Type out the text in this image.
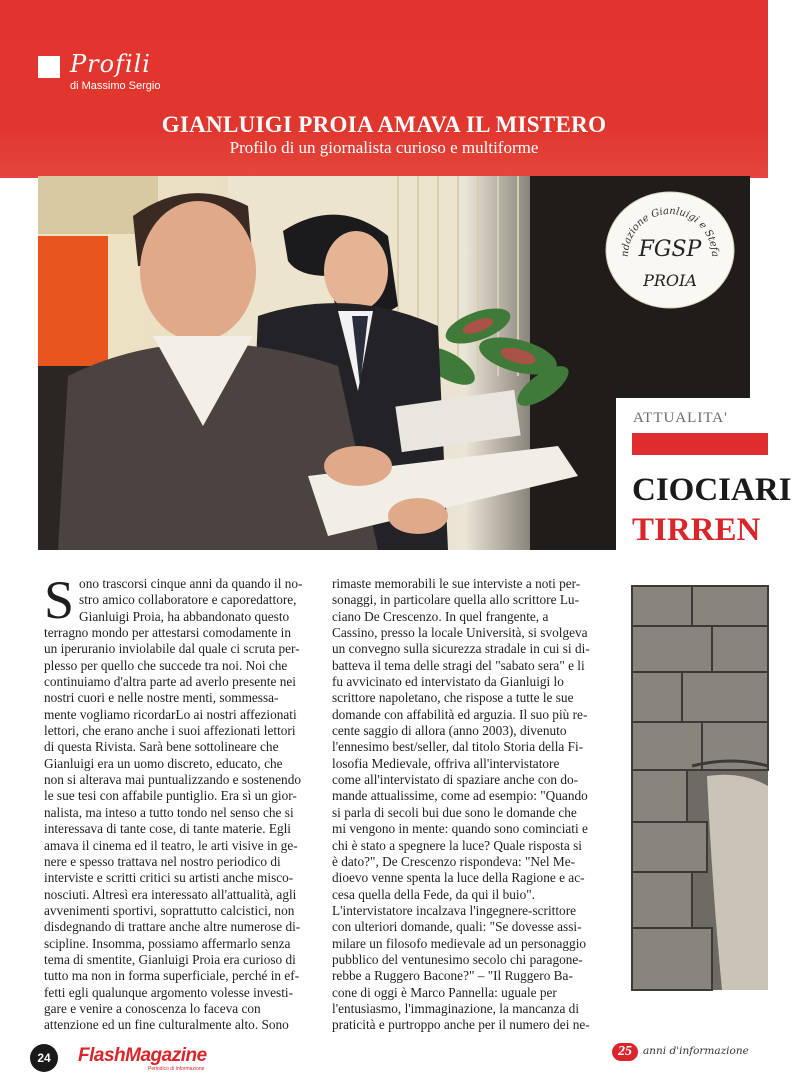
Profili
di Massimo Sergio
GIANLUIGI PROIA AMAVA IL MISTERO
Profilo di un giornalista curioso e multiforme
ndazione Gianluigi e Stefa
FGSP
PROIA
ATTUALITA'
CIOCIARI
TIRREN
S ono trascorsi cinque anni da quando il no-
stro amico collaboratore e caporedattore,
Gianluigi Proia, ha abbandonato questo
terragno mondo per attestarsi comodamente in
un iperuranio inviolabile dal quale ci scruta per-
plesso per quello che succede tra noi. Noi che
continuiamo d'altra parte ad averlo presente nei
nostri cuori e nelle nostre menti, sommessa-
mente vogliamo ricordarLo ai nostri affezionati
lettori, che erano anche i suoi affezionati lettori
di questa Rivista. Sarà bene sottolineare che
Gianluigi era un uomo discreto, educato, che
non si alterava mai puntualizzando e sostenendo
le sue tesi con affabile puntiglio. Era sì un gior-
nalista, ma inteso a tutto tondo nel senso che si
interessava di tante cose, di tante materie. Egli
amava il cinema ed il teatro, le arti visive in ge-
nere e spesso trattava nel nostro periodico di
interviste e scritti critici su artisti anche misco-
nosciuti. Altresì era interessato all'attualità, agli
avvenimenti sportivi, soprattutto calcistici, non
disdegnando di trattare anche altre numerose di-
scipline. Insomma, possiamo affermarlo senza
tema di smentite, Gianluigi Proia era curioso di
tutto ma non in forma superficiale, perché in ef-
fetti egli qualunque argomento volesse investi-
gare e venire a conoscenza lo faceva con
attenzione ed un fine culturalmente alto. Sono
rimaste memorabili le sue interviste a noti per-
sonaggi, in particolare quella allo scrittore Lu-
ciano De Crescenzo. In quel frangente, a
Cassino, presso la locale Università, si svolgeva
un convegno sulla sicurezza stradale in cui si di-
batteva il tema delle stragi del "sabato sera" e li
fu avvicinato ed intervistato da Gianluigi lo
scrittore napoletano, che rispose a tutte le sue
domande con affabilità ed arguzia. Il suo più re-
cente saggio di allora (anno 2003), divenuto
l'ennesimo best/seller, dal titolo Storia della Fi-
losofia Medievale, offriva all'intervistatore
come all'intervistato di spaziare anche con do-
mande attualissime, come ad esempio: "Quando
si parla di secoli bui due sono le domande che
mi vengono in mente: quando sono cominciati e
chi è stato a spegnere la luce? Quale risposta si
è dato?", De Crescenzo rispondeva: "Nel Me-
dioevo venne spenta la luce della Ragione e ac-
cesa quella della Fede, da qui il buio".
L'intervistatore incalzava l'ingegnere-scrittore
con ulteriori domande, quali: "Se dovesse assi-
milare un filosofo medievale ad un personaggio
pubblico del ventunesimo secolo chi paragone-
rebbe a Ruggero Bacone?" – "Il Ruggero Ba-
cone di oggi è Marco Pannella: uguale per
l'entusiasmo, l'immaginazione, la mancanza di
praticità e purtroppo anche per il numero dei ne-
24	FlashMagazine
Periodico di Informazione
25	anni d'informazione
